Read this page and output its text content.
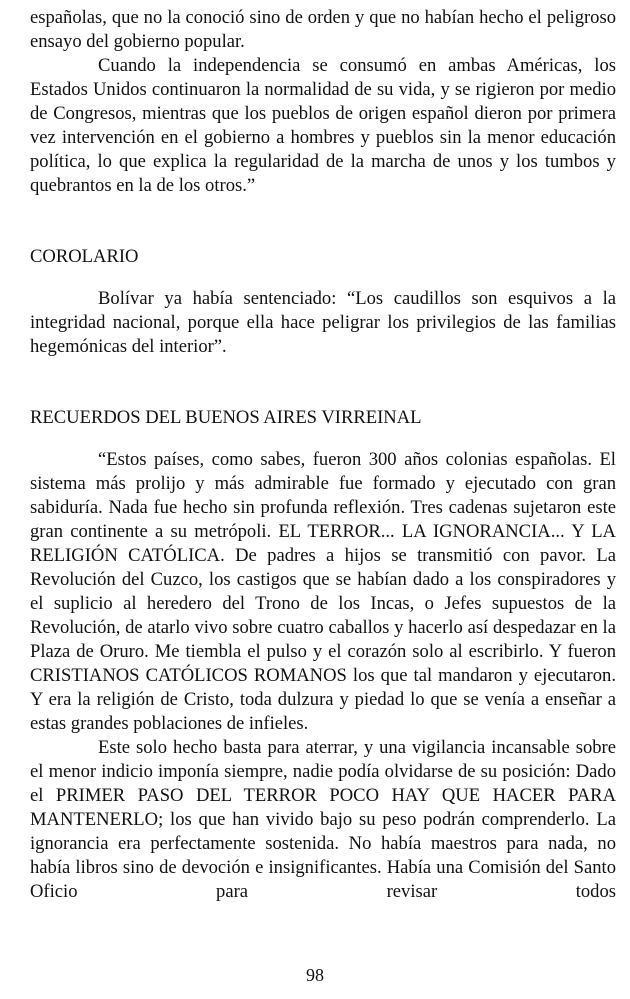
españolas, que no la conoció sino de orden y que no habían hecho el peligroso ensayo del gobierno popular.

Cuando la independencia se consumó en ambas Américas, los Estados Unidos continuaron la normalidad de su vida, y se rigieron por medio de Congresos, mientras que los pueblos de origen español dieron por primera vez intervención en el gobierno a hombres y pueblos sin la menor educación política, lo que explica la regularidad de la marcha de unos y los tumbos y quebrantos en la de los otros.”

COROLARIO

Bolívar ya había sentenciado: “Los caudillos son esquivos a la integridad nacional, porque ella hace peligrar los privilegios de las familias hegemónicas del interior”.

RECUERDOS DEL BUENOS AIRES VIRREINAL

“Estos países, como sabes, fueron 300 años colonias españolas. El sistema más prolijo y más admirable fue formado y ejecutado con gran sabiduría. Nada fue hecho sin profunda reflexión. Tres cadenas sujetaron este gran continente a su metrópoli. EL TERROR... LA IGNORANCIA... Y LA RELIGIÓN CATÓLICA. De padres a hijos se transmitió con pavor. La Revolución del Cuzco, los castigos que se habían dado a los conspiradores y el suplicio al heredero del Trono de los Incas, o Jefes supuestos de la Revolución, de atarlo vivo sobre cuatro caballos y hacerlo así despedazar en la Plaza de Oruro. Me tiembla el pulso y el corazón solo al escribirlo. Y fueron CRISTIANOS CATÓLICOS ROMANOS los que tal mandaron y ejecutaron. Y era la religión de Cristo, toda dulzura y piedad lo que se venía a enseñar a estas grandes poblaciones de infieles.

Este solo hecho basta para aterrar, y una vigilancia incansable sobre el menor indicio imponía siempre, nadie podía olvidarse de su posición: Dado el PRIMER PASO DEL TERROR POCO HAY QUE HACER PARA MANTENERLO; los que han vivido bajo su peso podrán comprenderlo. La ignorancia era perfectamente sostenida. No había maestros para nada, no había libros sino de devoción e insignificantes. Había una Comisión del Santo Oficio para revisar todos

98
